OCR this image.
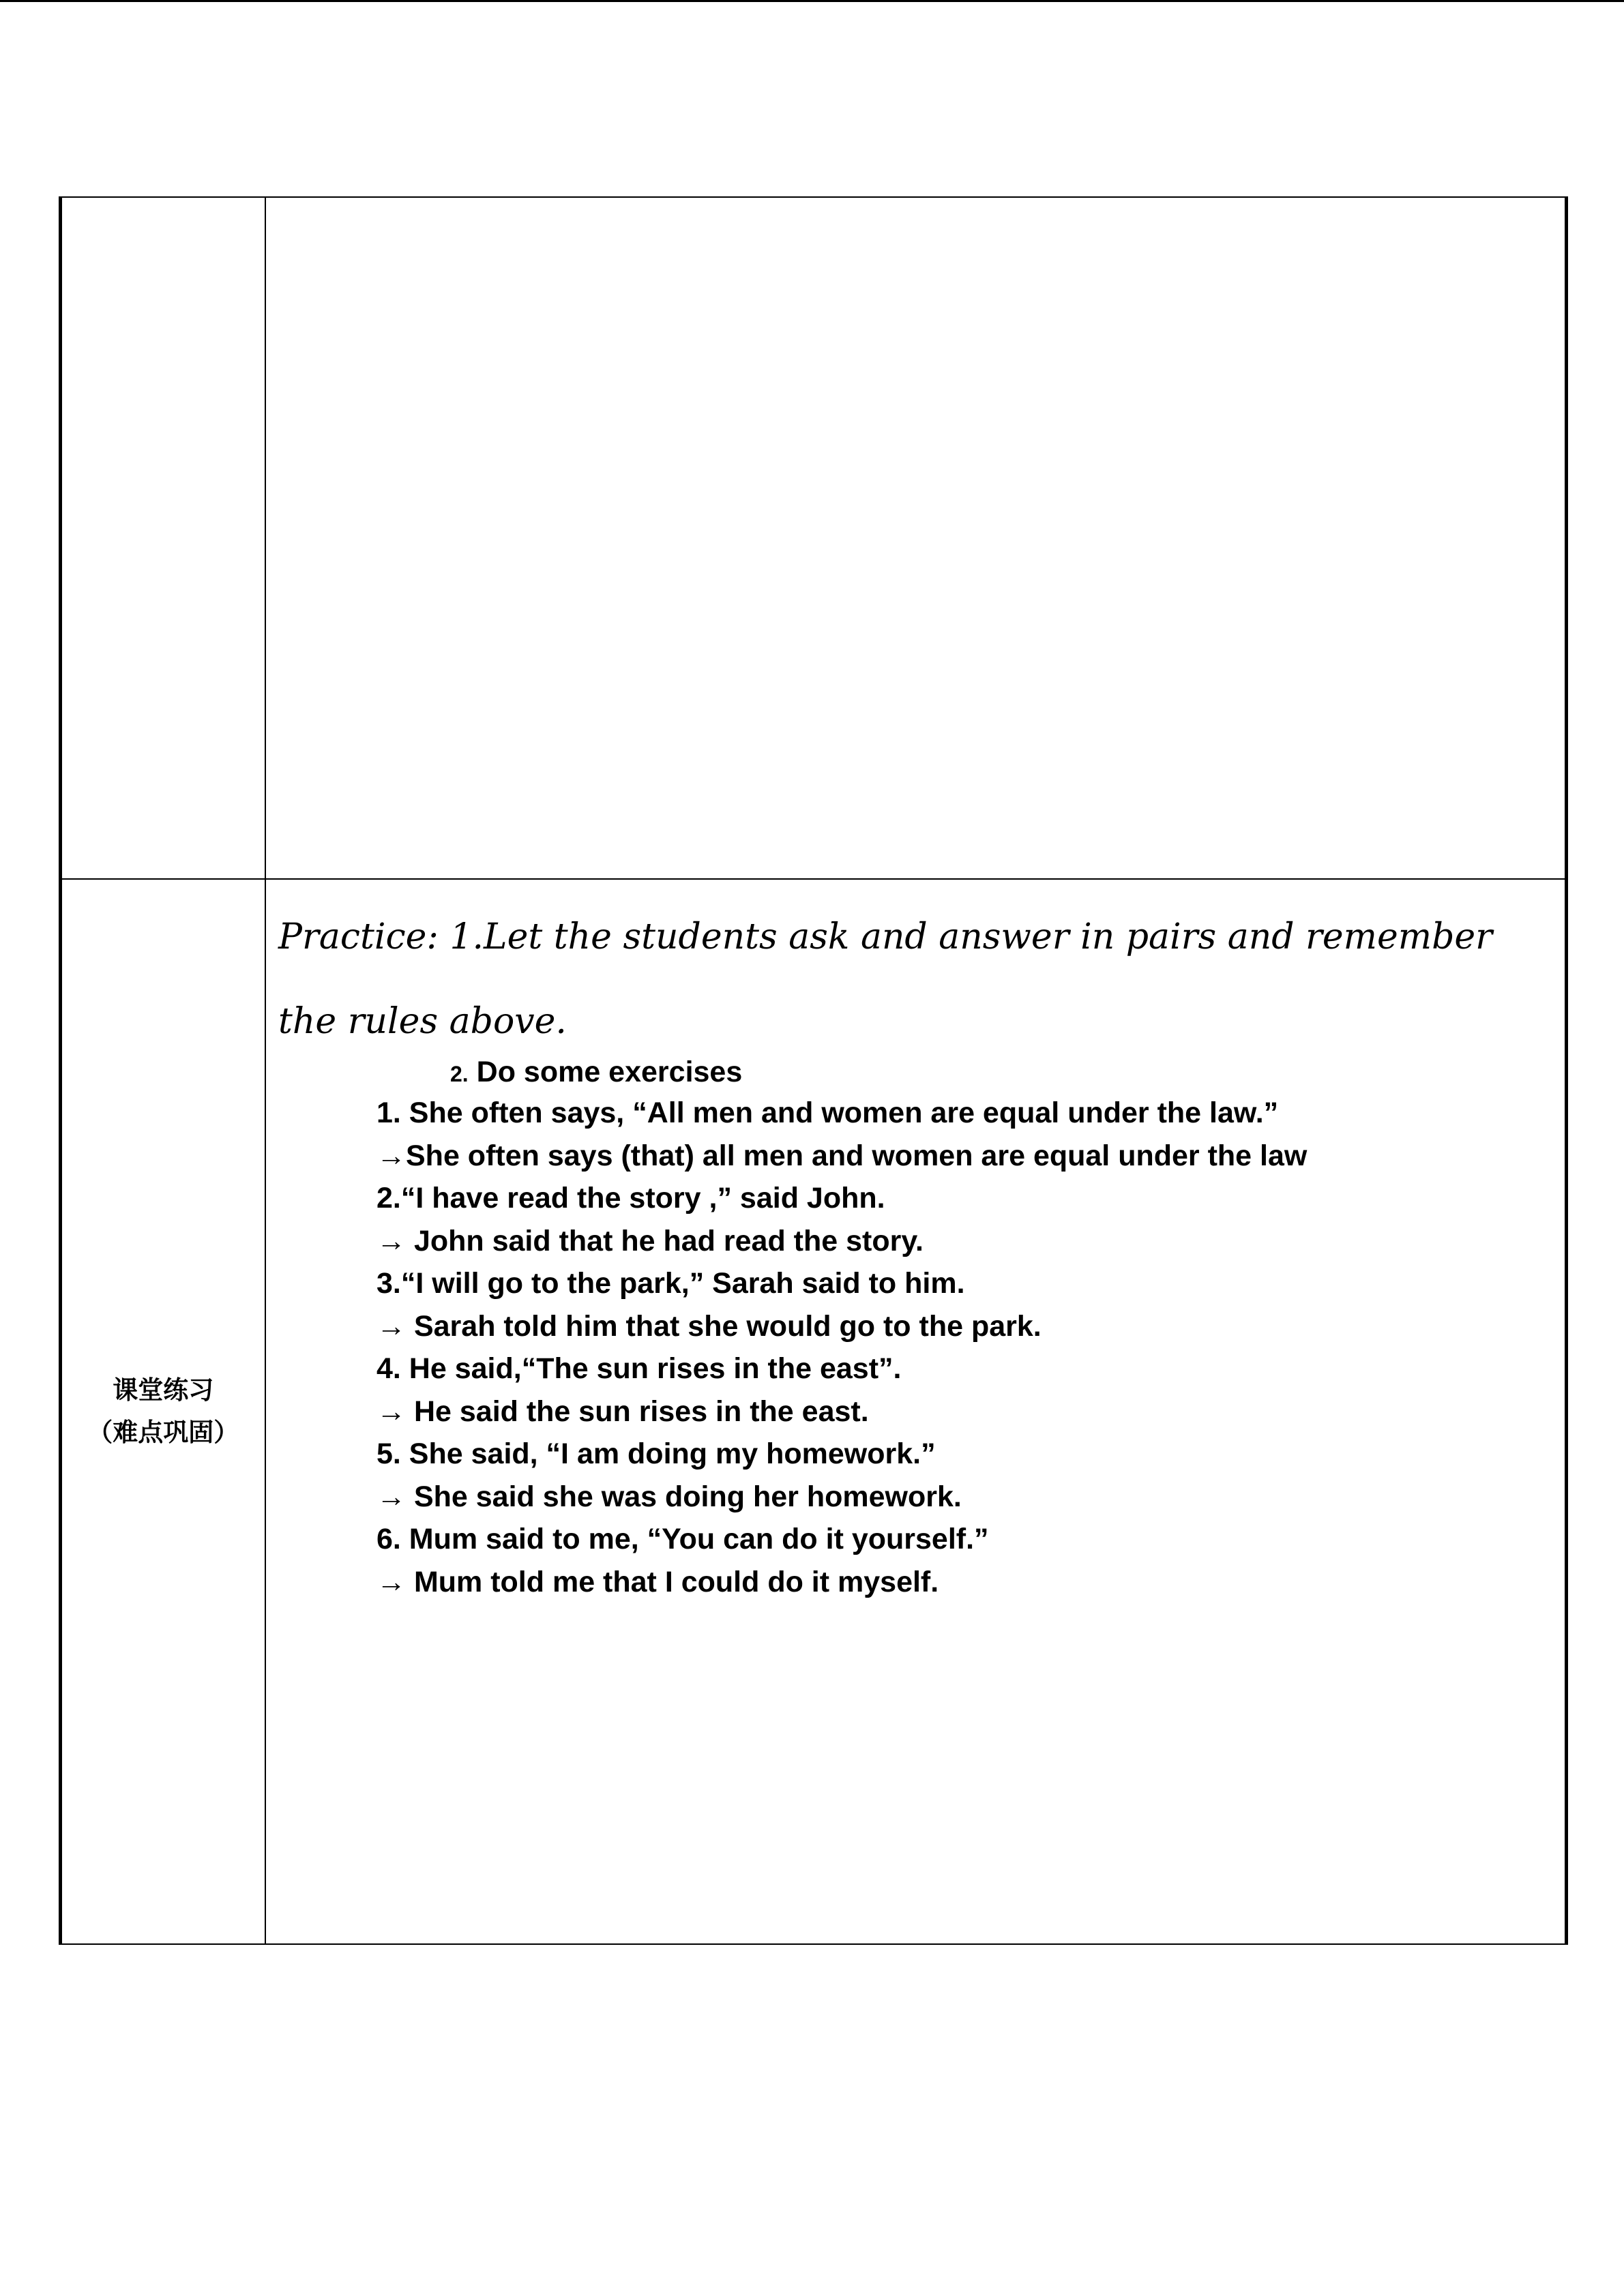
课堂练习
（难点巩固）	

Practice: 1.Let the students ask and answer in pairs and remember the rules above.

2. Do some exercises
1. She often says, “All men and women are equal under the law.”
→She often says (that) all men and women are equal under the law
2.“I have read the story ,” said John.
→ John said that he had read the story.
3.“I will go to the park,” Sarah said to him.
→ Sarah told him that she would go to the park.
4. He said,“The sun rises in the east”.
→ He said the sun rises in the east.
5. She said, “I am doing my homework.”
→ She said she was doing her homework.
6. Mum said to me, “You can do it yourself.”
→ Mum told me that I could do it myself.
